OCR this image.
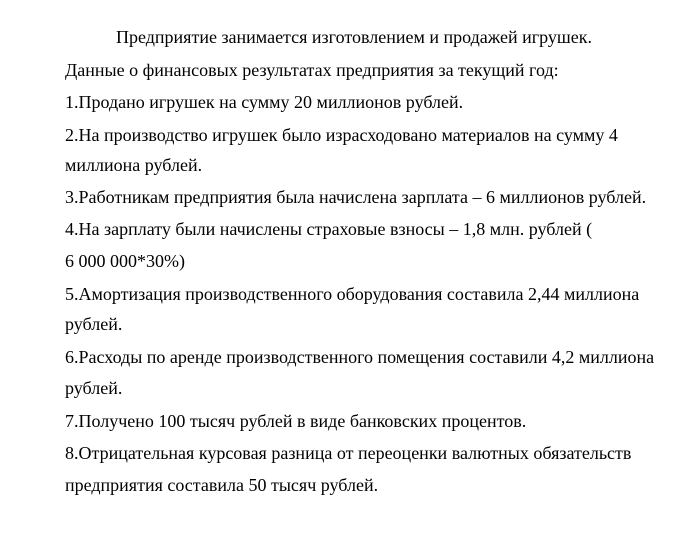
Предприятие занимается изготовлением и продажей игрушек.
Данные о финансовых результатах предприятия за текущий год:
1.Продано игрушек на сумму 20 миллионов рублей.
2.На производство игрушек было израсходовано материалов на сумму 4
миллиона рублей.
3.Работникам предприятия была начислена зарплата – 6 миллионов рублей.
4.На зарплату были начислены страховые взносы – 1,8 млн. рублей (
6 000 000*30%)
5.Амортизация производственного оборудования составила 2,44 миллиона
рублей.
6.Расходы по аренде производственного помещения составили 4,2 миллиона
рублей.
7.Получено 100 тысяч рублей в виде банковских процентов.
8.Отрицательная курсовая разница от переоценки валютных обязательств
предприятия составила 50 тысяч рублей.
